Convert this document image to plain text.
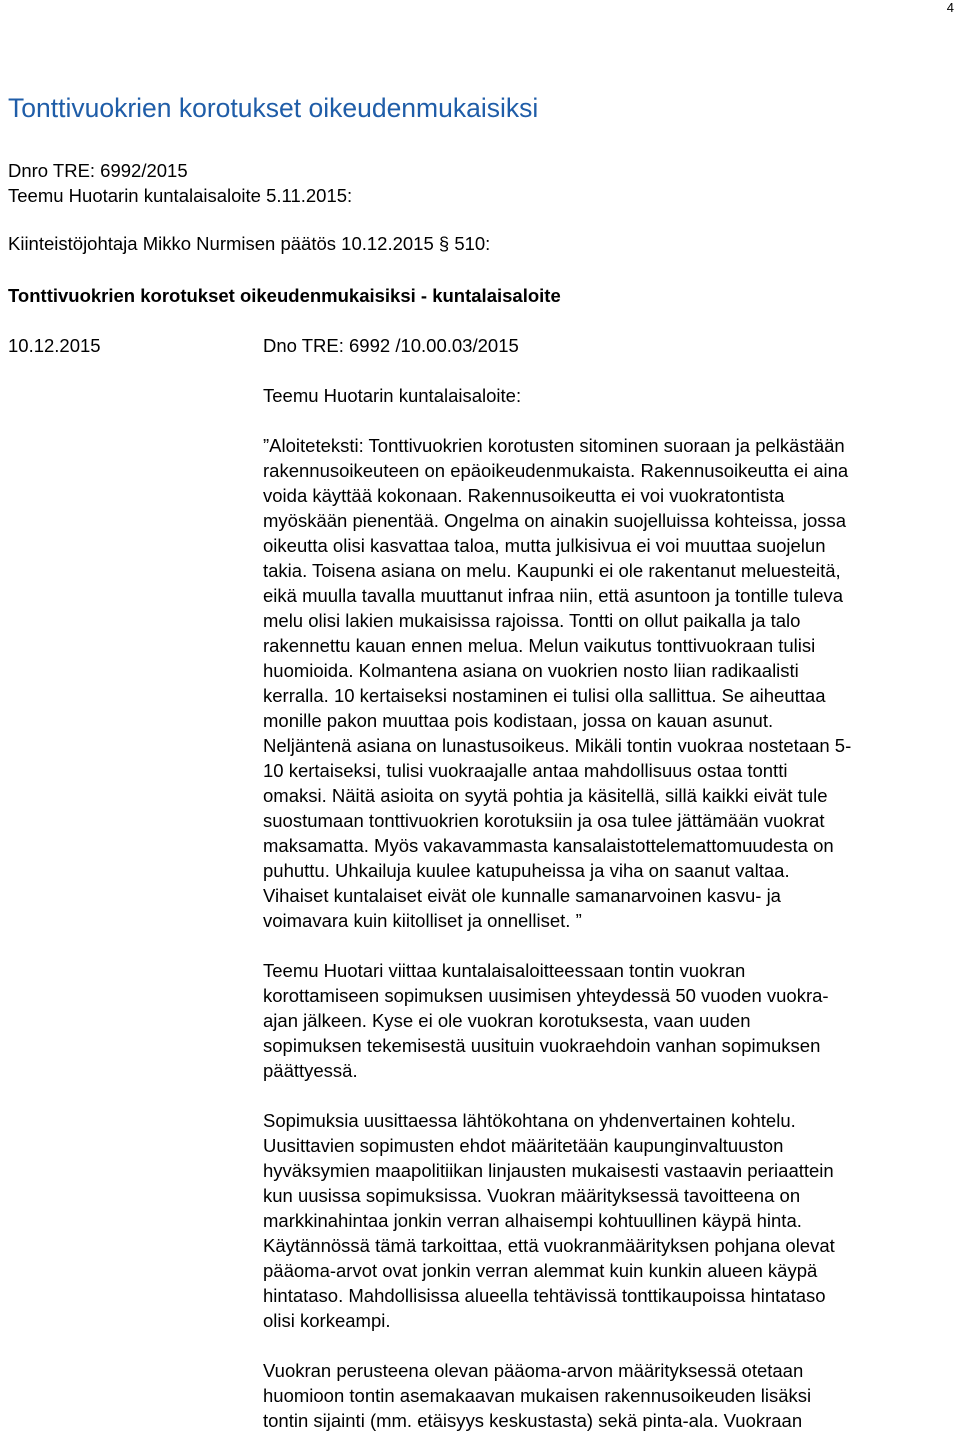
4
Tonttivuokrien korotukset oikeudenmukaisiksi
Dnro TRE: 6992/2015
Teemu Huotarin kuntalaisaloite 5.11.2015:
Kiinteistöjohtaja Mikko Nurmisen päätös 10.12.2015 § 510:
Tonttivuokrien korotukset oikeudenmukaisiksi - kuntalaisaloite
10.12.2015	Dno TRE: 6992 /10.00.03/2015
Teemu Huotarin kuntalaisaloite:
”Aloiteteksti: Tonttivuokrien korotusten sitominen suoraan ja pelkästään
rakennusoikeuteen on epäoikeudenmukaista. Rakennusoikeutta ei aina
voida käyttää kokonaan. Rakennusoikeutta ei voi vuokratontista
myöskään pienentää. Ongelma on ainakin suojelluissa kohteissa, jossa
oikeutta olisi kasvattaa taloa, mutta julkisivua ei voi muuttaa suojelun
takia. Toisena asiana on melu. Kaupunki ei ole rakentanut meluesteitä,
eikä muulla tavalla muuttanut infraa niin, että asuntoon ja tontille tuleva
melu olisi lakien mukaisissa rajoissa. Tontti on ollut paikalla ja talo
rakennettu kauan ennen melua. Melun vaikutus tonttivuokraan tulisi
huomioida. Kolmantena asiana on vuokrien nosto liian radikaalisti
kerralla. 10 kertaiseksi nostaminen ei tulisi olla sallittua. Se aiheuttaa
monille pakon muuttaa pois kodistaan, jossa on kauan asunut.
Neljäntenä asiana on lunastusoikeus. Mikäli tontin vuokraa nostetaan 5-
10 kertaiseksi, tulisi vuokraajalle antaa mahdollisuus ostaa tontti
omaksi. Näitä asioita on syytä pohtia ja käsitellä, sillä kaikki eivät tule
suostumaan tonttivuokrien korotuksiin ja osa tulee jättämään vuokrat
maksamatta. Myös vakavammasta kansalaistottelemattomuudesta on
puhuttu. Uhkailuja kuulee katupuheissa ja viha on saanut valtaa.
Vihaiset kuntalaiset eivät ole kunnalle samanarvoinen kasvu- ja
voimavara kuin kiitolliset ja onnelliset. ”
Teemu Huotari viittaa kuntalaisaloitteessaan tontin vuokran
korottamiseen sopimuksen uusimisen yhteydessä 50 vuoden vuokra-
ajan jälkeen. Kyse ei ole vuokran korotuksesta, vaan uuden
sopimuksen tekemisestä uusituin vuokraehdoin vanhan sopimuksen
päättyessä.
Sopimuksia uusittaessa lähtökohtana on yhdenvertainen kohtelu.
Uusittavien sopimusten ehdot määritetään kaupunginvaltuuston
hyväksymien maapolitiikan linjausten mukaisesti vastaavin periaattein
kun uusissa sopimuksissa. Vuokran määrityksessä tavoitteena on
markkinahintaa jonkin verran alhaisempi kohtuullinen käypä hinta.
Käytännössä tämä tarkoittaa, että vuokranmäärityksen pohjana olevat
pääoma-arvot ovat jonkin verran alemmat kuin kunkin alueen käypä
hintataso. Mahdollisissa alueella tehtävissä tonttikaupoissa hintataso
olisi korkeampi.
Vuokran perusteena olevan pääoma-arvon määrityksessä otetaan
huomioon tontin asemakaavan mukaisen rakennusoikeuden lisäksi
tontin sijainti (mm. etäisyys keskustasta) sekä pinta-ala. Vuokraan
